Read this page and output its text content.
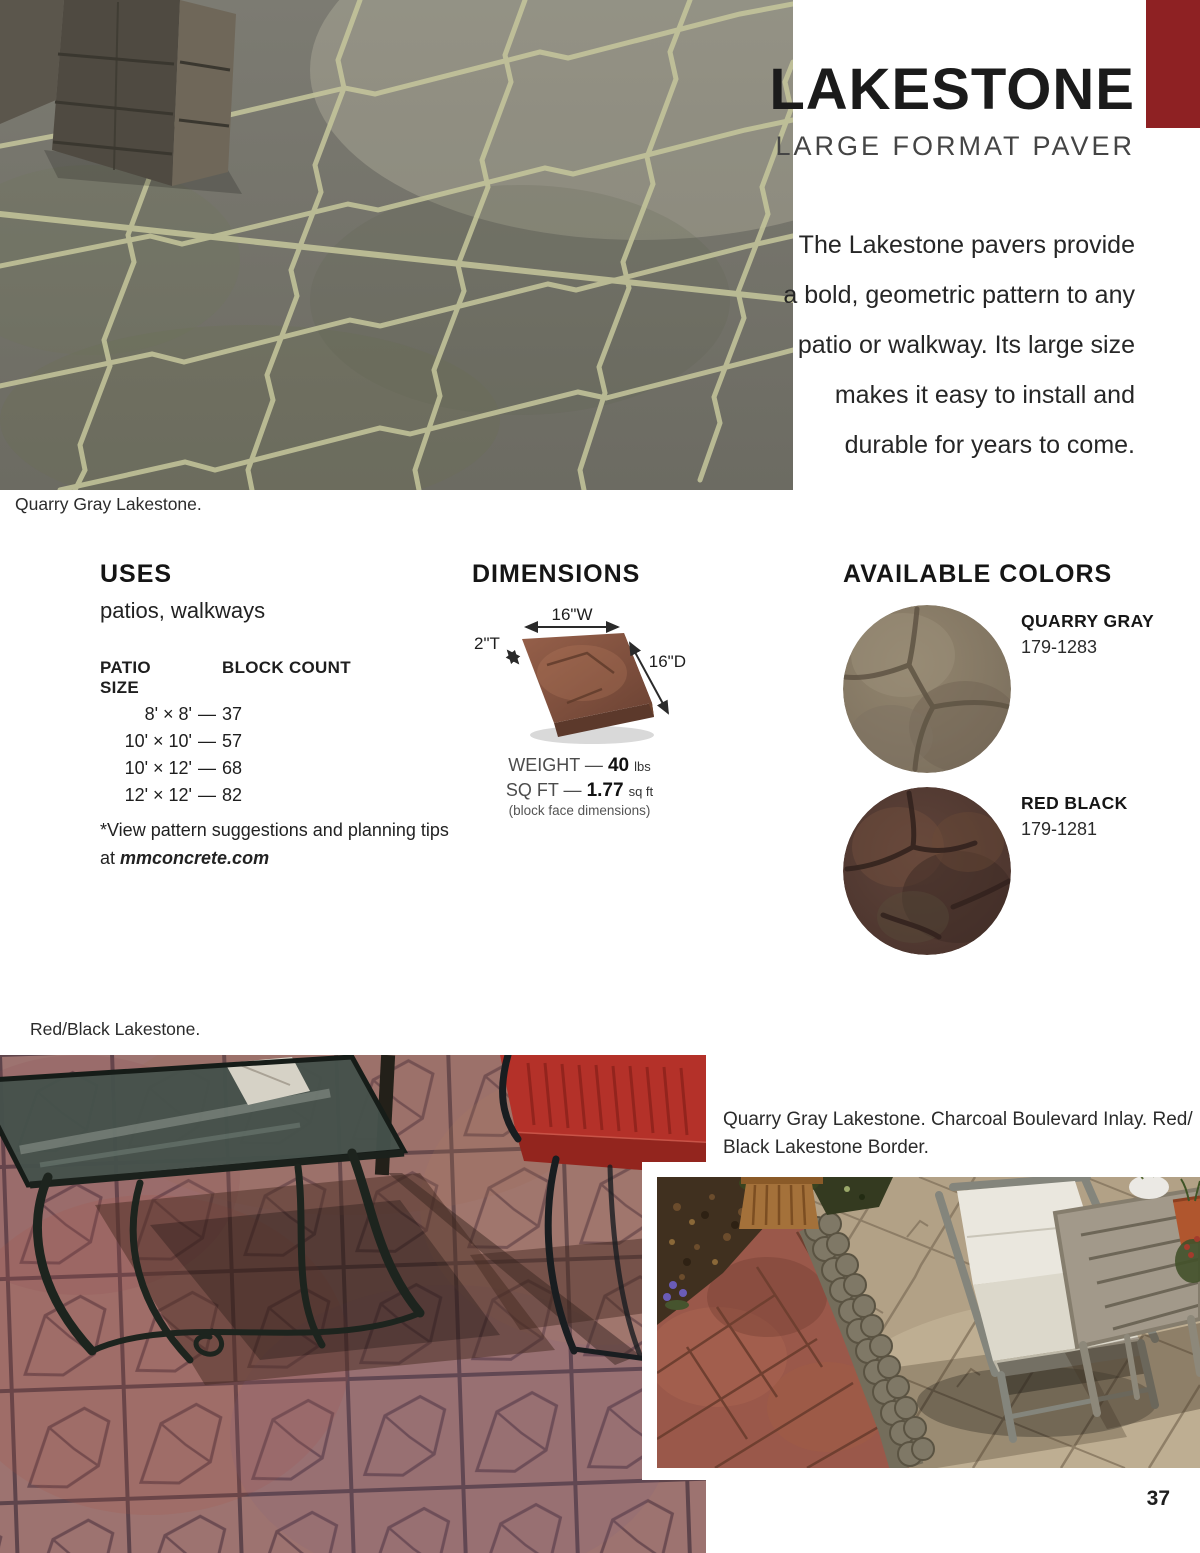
LAKESTONE
LARGE FORMAT PAVER
The Lakestone pavers provide a bold, geometric pattern to any patio or walkway. Its large size makes it easy to install and durable for years to come.
Quarry Gray Lakestone.
USES
patios, walkways
PATIO SIZE
BLOCK COUNT
8' × 8' — 37
10' × 10' — 57
10' × 12' — 68
12' × 12' — 82
*View pattern suggestions and planning tips at mmconcrete.com
DIMENSIONS
16"W
2"T
16"D
WEIGHT — 40 lbs
SQ FT — 1.77 sq ft
(block face dimensions)
AVAILABLE COLORS
QUARRY GRAY
179-1283
RED BLACK
179-1281
Red/Black Lakestone.
Quarry Gray Lakestone. Charcoal Boulevard Inlay. Red/
Black Lakestone Border.
37
